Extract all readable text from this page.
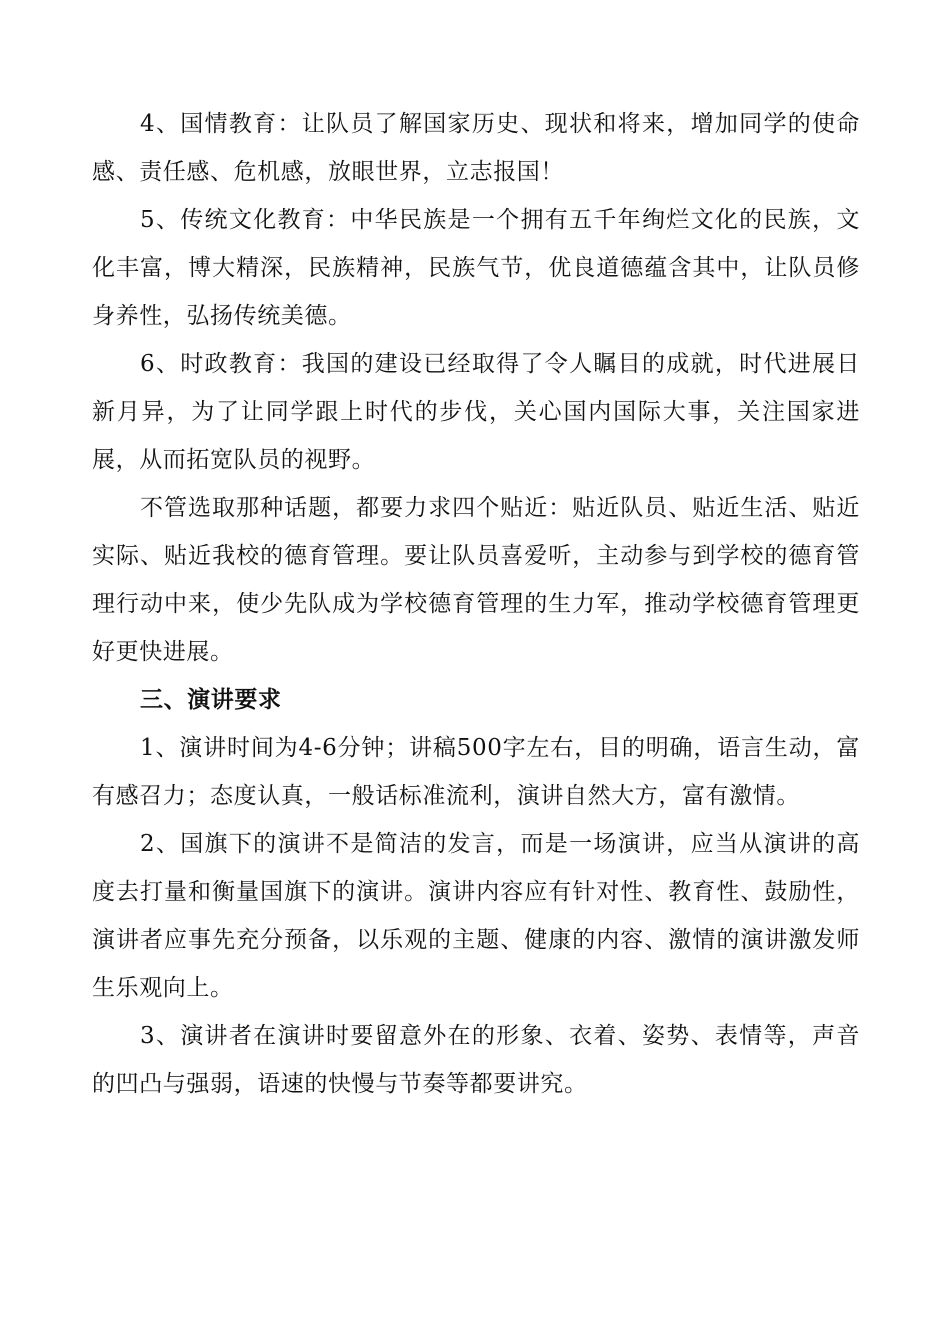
4、国情教育：让队员了解国家历史、现状和将来，增加同学的使命感、责任感、危机感，放眼世界，立志报国！

5、传统文化教育：中华民族是一个拥有五千年绚烂文化的民族，文化丰富，博大精深，民族精神，民族气节，优良道德蕴含其中，让队员修身养性，弘扬传统美德。

6、时政教育：我国的建设已经取得了令人瞩目的成就，时代进展日新月异，为了让同学跟上时代的步伐，关心国内国际大事，关注国家进展，从而拓宽队员的视野。

不管选取那种话题，都要力求四个贴近：贴近队员、贴近生活、贴近实际、贴近我校的德育管理。要让队员喜爱听，主动参与到学校的德育管理行动中来，使少先队成为学校德育管理的生力军，推动学校德育管理更好更快进展。

三、演讲要求

1、演讲时间为4-6分钟；讲稿500字左右，目的明确，语言生动，富有感召力；态度认真，一般话标准流利，演讲自然大方，富有激情。

2、国旗下的演讲不是简洁的发言，而是一场演讲，应当从演讲的高度去打量和衡量国旗下的演讲。演讲内容应有针对性、教育性、鼓励性，演讲者应事先充分预备，以乐观的主题、健康的内容、激情的演讲激发师生乐观向上。

3、演讲者在演讲时要留意外在的形象、衣着、姿势、表情等，声音的凹凸与强弱，语速的快慢与节奏等都要讲究。
